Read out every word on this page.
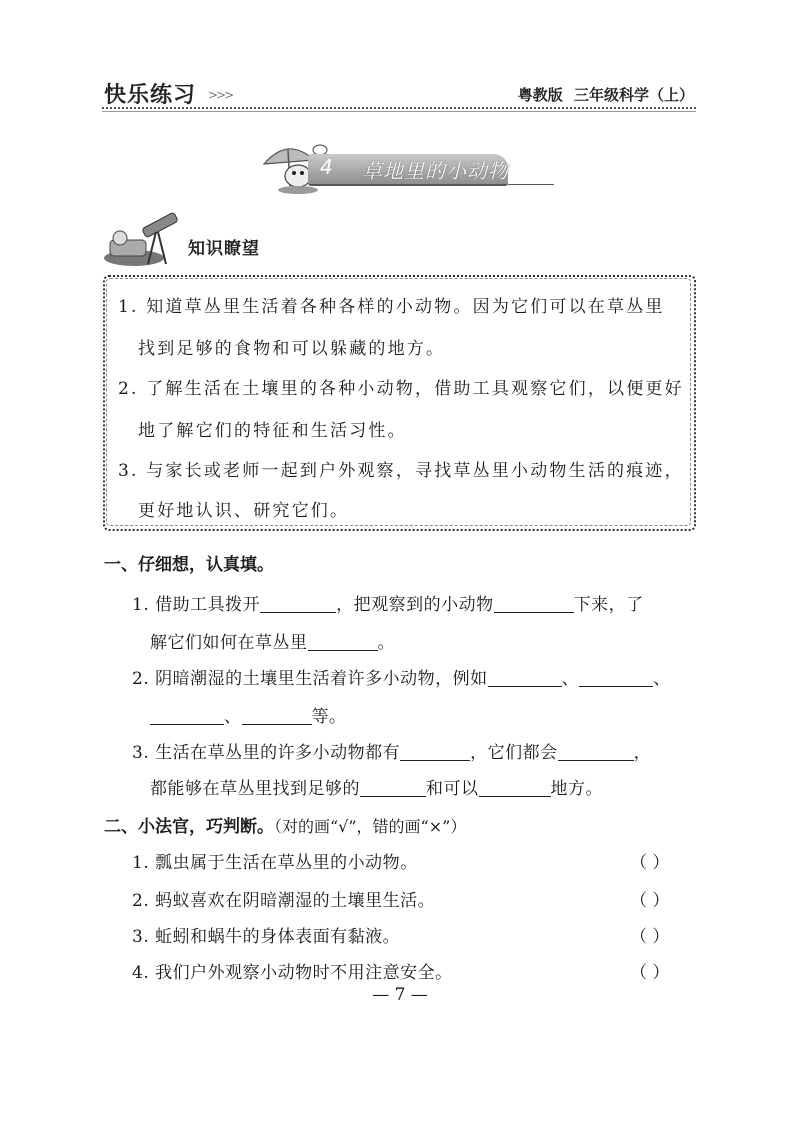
快乐练习 >>>	粤教版 三年级科学（上）
4 草地里的小动物
知识瞭望
1. 知道草丛里生活着各种各样的小动物。因为它们可以在草丛里
找到足够的食物和可以躲藏的地方。
2. 了解生活在土壤里的各种小动物，借助工具观察它们，以便更好
地了解它们的特征和生活习性。
3. 与家长或老师一起到户外观察，寻找草丛里小动物生活的痕迹，
更好地认识、研究它们。
一、仔细想，认真填。
1. 借助工具拨开	，把观察到的小动物	下来，了
解它们如何在草丛里	。
2. 阴暗潮湿的土壤里生活着许多小动物，例如	、	、
、	等。
3. 生活在草丛里的许多小动物都有	，它们都会	，
都能够在草丛里找到足够的	和可以	地方。
二、小法官，巧判断。（对的画“√”，错的画“×”）
1. 瓢虫属于生活在草丛里的小动物。	（ ）
2. 蚂蚁喜欢在阴暗潮湿的土壤里生活。	（ ）
3. 蚯蚓和蜗牛的身体表面有黏液。	（ ）
4. 我们户外观察小动物时不用注意安全。	（ ）
— 7 —
